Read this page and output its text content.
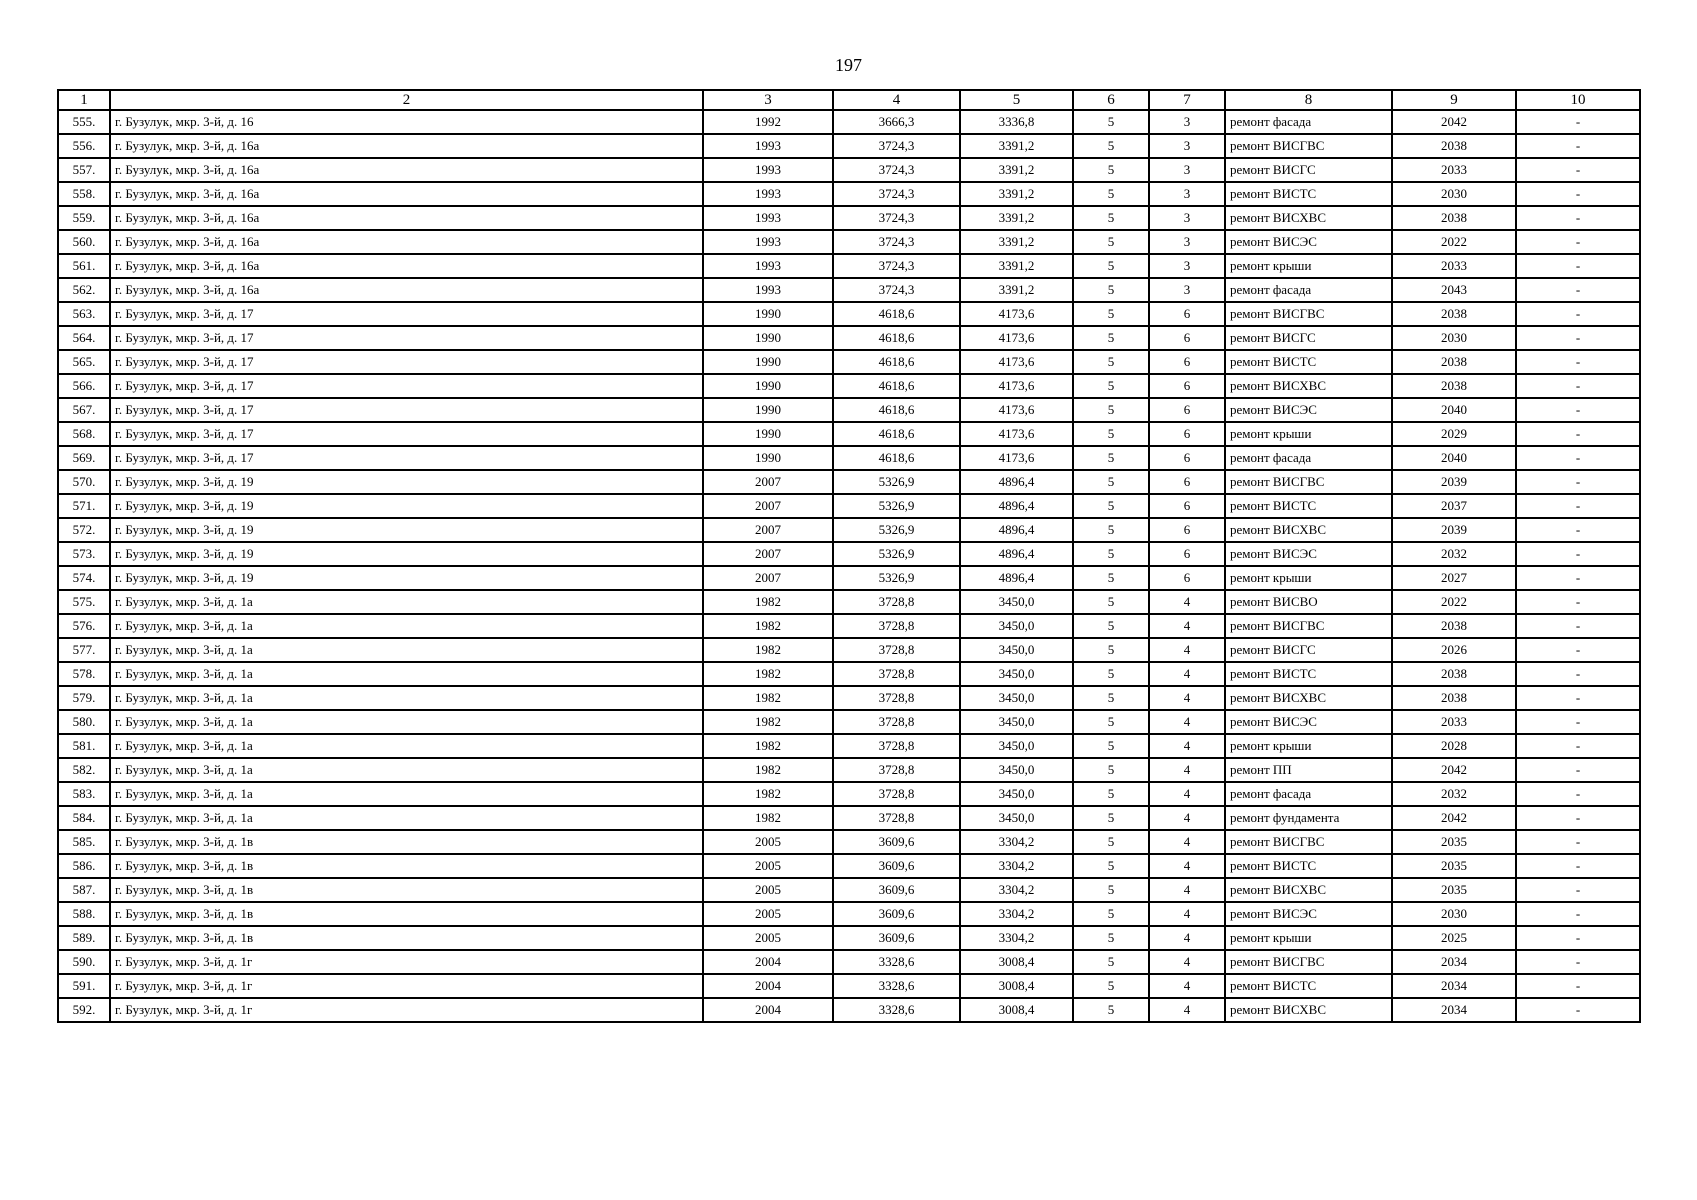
197
1	2	3	4	5	6	7	8	9	10
555.	г. Бузулук, мкр. 3-й, д. 16	1992	3666,3	3336,8	5	3	ремонт фасада	2042	-
556.	г. Бузулук, мкр. 3-й, д. 16а	1993	3724,3	3391,2	5	3	ремонт ВИСГВС	2038	-
557.	г. Бузулук, мкр. 3-й, д. 16а	1993	3724,3	3391,2	5	3	ремонт ВИСГС	2033	-
558.	г. Бузулук, мкр. 3-й, д. 16а	1993	3724,3	3391,2	5	3	ремонт ВИСТС	2030	-
559.	г. Бузулук, мкр. 3-й, д. 16а	1993	3724,3	3391,2	5	3	ремонт ВИСХВС	2038	-
560.	г. Бузулук, мкр. 3-й, д. 16а	1993	3724,3	3391,2	5	3	ремонт ВИСЭС	2022	-
561.	г. Бузулук, мкр. 3-й, д. 16а	1993	3724,3	3391,2	5	3	ремонт крыши	2033	-
562.	г. Бузулук, мкр. 3-й, д. 16а	1993	3724,3	3391,2	5	3	ремонт фасада	2043	-
563.	г. Бузулук, мкр. 3-й, д. 17	1990	4618,6	4173,6	5	6	ремонт ВИСГВС	2038	-
564.	г. Бузулук, мкр. 3-й, д. 17	1990	4618,6	4173,6	5	6	ремонт ВИСГС	2030	-
565.	г. Бузулук, мкр. 3-й, д. 17	1990	4618,6	4173,6	5	6	ремонт ВИСТС	2038	-
566.	г. Бузулук, мкр. 3-й, д. 17	1990	4618,6	4173,6	5	6	ремонт ВИСХВС	2038	-
567.	г. Бузулук, мкр. 3-й, д. 17	1990	4618,6	4173,6	5	6	ремонт ВИСЭС	2040	-
568.	г. Бузулук, мкр. 3-й, д. 17	1990	4618,6	4173,6	5	6	ремонт крыши	2029	-
569.	г. Бузулук, мкр. 3-й, д. 17	1990	4618,6	4173,6	5	6	ремонт фасада	2040	-
570.	г. Бузулук, мкр. 3-й, д. 19	2007	5326,9	4896,4	5	6	ремонт ВИСГВС	2039	-
571.	г. Бузулук, мкр. 3-й, д. 19	2007	5326,9	4896,4	5	6	ремонт ВИСТС	2037	-
572.	г. Бузулук, мкр. 3-й, д. 19	2007	5326,9	4896,4	5	6	ремонт ВИСХВС	2039	-
573.	г. Бузулук, мкр. 3-й, д. 19	2007	5326,9	4896,4	5	6	ремонт ВИСЭС	2032	-
574.	г. Бузулук, мкр. 3-й, д. 19	2007	5326,9	4896,4	5	6	ремонт крыши	2027	-
575.	г. Бузулук, мкр. 3-й, д. 1а	1982	3728,8	3450,0	5	4	ремонт ВИСВО	2022	-
576.	г. Бузулук, мкр. 3-й, д. 1а	1982	3728,8	3450,0	5	4	ремонт ВИСГВС	2038	-
577.	г. Бузулук, мкр. 3-й, д. 1а	1982	3728,8	3450,0	5	4	ремонт ВИСГС	2026	-
578.	г. Бузулук, мкр. 3-й, д. 1а	1982	3728,8	3450,0	5	4	ремонт ВИСТС	2038	-
579.	г. Бузулук, мкр. 3-й, д. 1а	1982	3728,8	3450,0	5	4	ремонт ВИСХВС	2038	-
580.	г. Бузулук, мкр. 3-й, д. 1а	1982	3728,8	3450,0	5	4	ремонт ВИСЭС	2033	-
581.	г. Бузулук, мкр. 3-й, д. 1а	1982	3728,8	3450,0	5	4	ремонт крыши	2028	-
582.	г. Бузулук, мкр. 3-й, д. 1а	1982	3728,8	3450,0	5	4	ремонт ПП	2042	-
583.	г. Бузулук, мкр. 3-й, д. 1а	1982	3728,8	3450,0	5	4	ремонт фасада	2032	-
584.	г. Бузулук, мкр. 3-й, д. 1а	1982	3728,8	3450,0	5	4	ремонт фундамента	2042	-
585.	г. Бузулук, мкр. 3-й, д. 1в	2005	3609,6	3304,2	5	4	ремонт ВИСГВС	2035	-
586.	г. Бузулук, мкр. 3-й, д. 1в	2005	3609,6	3304,2	5	4	ремонт ВИСТС	2035	-
587.	г. Бузулук, мкр. 3-й, д. 1в	2005	3609,6	3304,2	5	4	ремонт ВИСХВС	2035	-
588.	г. Бузулук, мкр. 3-й, д. 1в	2005	3609,6	3304,2	5	4	ремонт ВИСЭС	2030	-
589.	г. Бузулук, мкр. 3-й, д. 1в	2005	3609,6	3304,2	5	4	ремонт крыши	2025	-
590.	г. Бузулук, мкр. 3-й, д. 1г	2004	3328,6	3008,4	5	4	ремонт ВИСГВС	2034	-
591.	г. Бузулук, мкр. 3-й, д. 1г	2004	3328,6	3008,4	5	4	ремонт ВИСТС	2034	-
592.	г. Бузулук, мкр. 3-й, д. 1г	2004	3328,6	3008,4	5	4	ремонт ВИСХВС	2034	-
